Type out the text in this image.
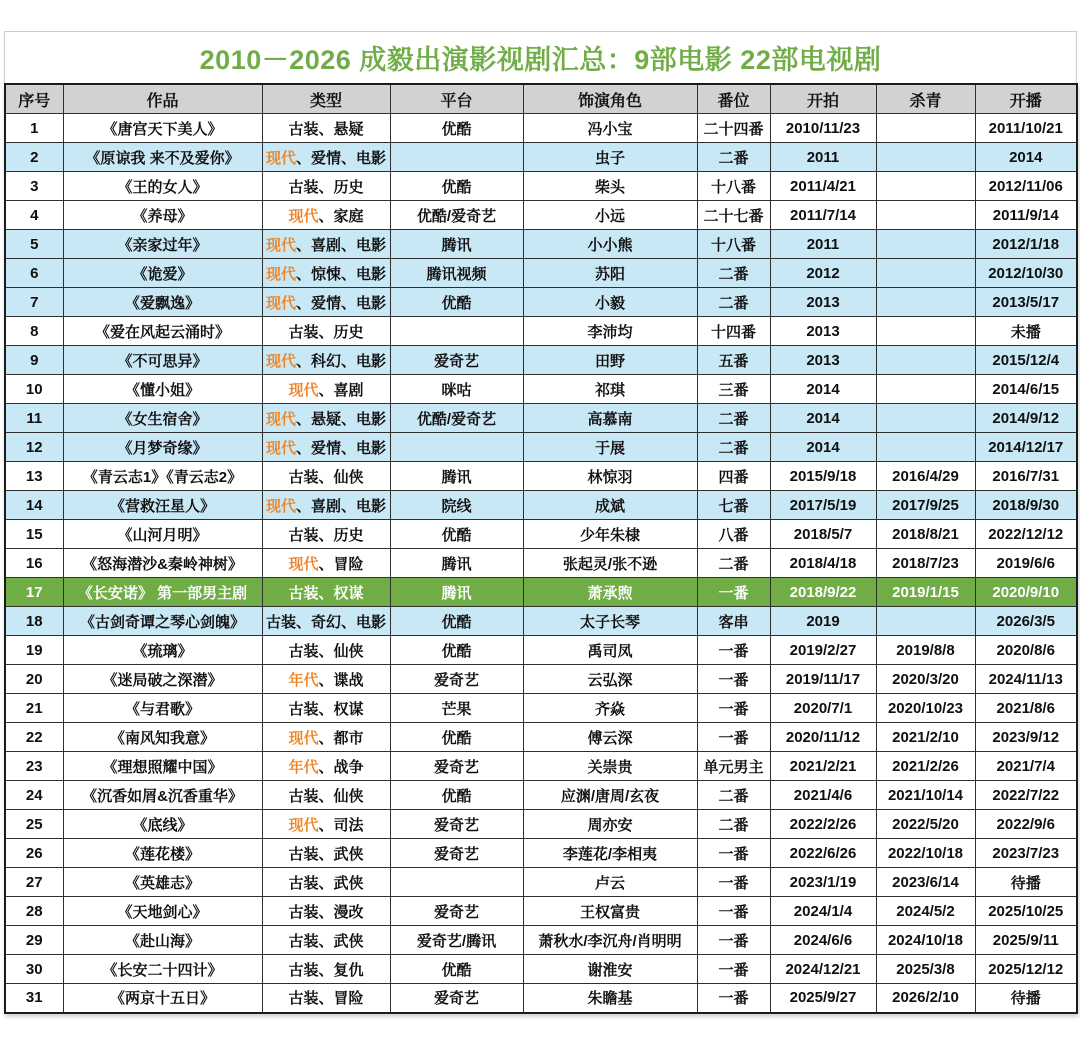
2010－2026 成毅出演影视剧汇总：9部电影 22部电视剧
序号	作品	类型	平台	饰演角色	番位	开拍	杀青	开播
1	《唐宫天下美人》	古装、悬疑	优酷	冯小宝	二十四番	2010/11/23		2011/10/21
2	《原谅我 来不及爱你》	现代、爱情、电影		虫子	二番	2011		2014
3	《王的女人》	古装、历史	优酷	柴头	十八番	2011/4/21		2012/11/06
4	《养母》	现代、家庭	优酷/爱奇艺	小远	二十七番	2011/7/14		2011/9/14
5	《亲家过年》	现代、喜剧、电影	腾讯	小小熊	十八番	2011		2012/1/18
6	《诡爱》	现代、惊悚、电影	腾讯视频	苏阳	二番	2012		2012/10/30
7	《爱飘逸》	现代、爱情、电影	优酷	小毅	二番	2013		2013/5/17
8	《爱在风起云涌时》	古装、历史		李沛均	十四番	2013		未播
9	《不可思异》	现代、科幻、电影	爱奇艺	田野	五番	2013		2015/12/4
10	《懂小姐》	现代、喜剧	咪咕	祁琪	三番	2014		2014/6/15
11	《女生宿舍》	现代、悬疑、电影	优酷/爱奇艺	高慕南	二番	2014		2014/9/12
12	《月梦奇缘》	现代、爱情、电影		于展	二番	2014		2014/12/17
13	《青云志1》《青云志2》	古装、仙侠	腾讯	林惊羽	四番	2015/9/18	2016/4/29	2016/7/31
14	《营救汪星人》	现代、喜剧、电影	院线	成斌	七番	2017/5/19	2017/9/25	2018/9/30
15	《山河月明》	古装、历史	优酷	少年朱棣	八番	2018/5/7	2018/8/21	2022/12/12
16	《怒海潜沙&秦岭神树》	现代、冒险	腾讯	张起灵/张不逊	二番	2018/4/18	2018/7/23	2019/6/6
17	《长安诺》 第一部男主剧	古装、权谋	腾讯	萧承煦	一番	2018/9/22	2019/1/15	2020/9/10
18	《古剑奇谭之琴心剑魄》	古装、奇幻、电影	优酷	太子长琴	客串	2019		2026/3/5
19	《琉璃》	古装、仙侠	优酷	禹司凤	一番	2019/2/27	2019/8/8	2020/8/6
20	《迷局破之深潜》	年代、谍战	爱奇艺	云弘深	一番	2019/11/17	2020/3/20	2024/11/13
21	《与君歌》	古装、权谋	芒果	齐焱	一番	2020/7/1	2020/10/23	2021/8/6
22	《南风知我意》	现代、都市	优酷	傅云深	一番	2020/11/12	2021/2/10	2023/9/12
23	《理想照耀中国》	年代、战争	爱奇艺	关崇贵	单元男主	2021/2/21	2021/2/26	2021/7/4
24	《沉香如屑&沉香重华》	古装、仙侠	优酷	应渊/唐周/玄夜	二番	2021/4/6	2021/10/14	2022/7/22
25	《底线》	现代、司法	爱奇艺	周亦安	二番	2022/2/26	2022/5/20	2022/9/6
26	《莲花楼》	古装、武侠	爱奇艺	李莲花/李相夷	一番	2022/6/26	2022/10/18	2023/7/23
27	《英雄志》	古装、武侠		卢云	一番	2023/1/19	2023/6/14	待播
28	《天地剑心》	古装、漫改	爱奇艺	王权富贵	一番	2024/1/4	2024/5/2	2025/10/25
29	《赴山海》	古装、武侠	爱奇艺/腾讯	萧秋水/李沉舟/肖明明	一番	2024/6/6	2024/10/18	2025/9/11
30	《长安二十四计》	古装、复仇	优酷	谢淮安	一番	2024/12/21	2025/3/8	2025/12/12
31	《两京十五日》	古装、冒险	爱奇艺	朱瞻基	一番	2025/9/27	2026/2/10	待播
